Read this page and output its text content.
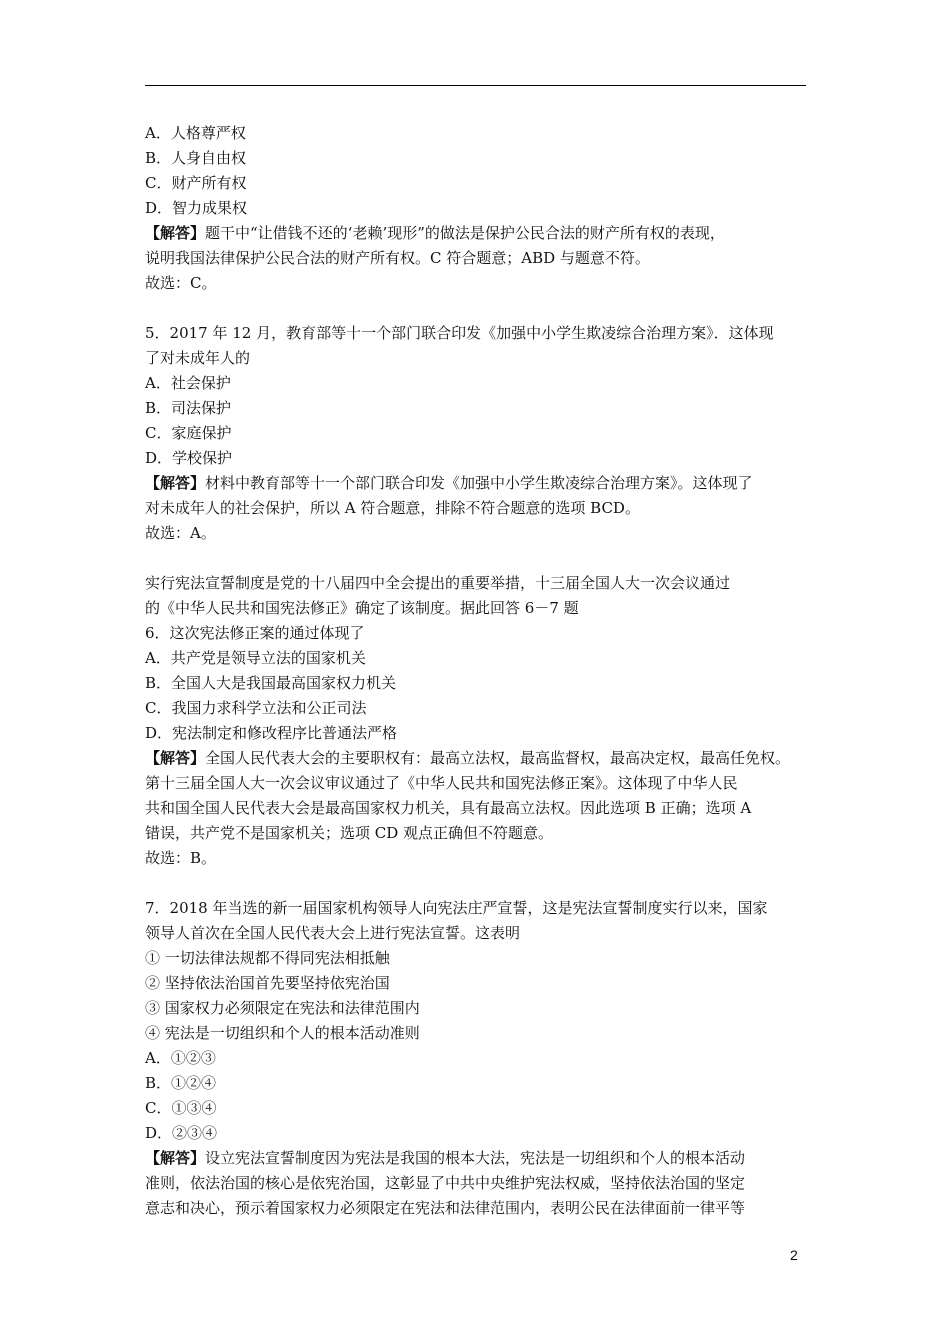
A．人格尊严权
B．人身自由权
C．财产所有权
D．智力成果权
【解答】题干中“让借钱不还的‘老赖’现形”的做法是保护公民合法的财产所有权的表现，
说明我国法律保护公民合法的财产所有权。C 符合题意；ABD 与题意不符。
故选：C。
5．2017 年 12 月，教育部等十一个部门联合印发《加强中小学生欺凌综合治理方案》．这体现
了对未成年人的
A．社会保护
B．司法保护
C．家庭保护
D．学校保护
【解答】材料中教育部等十一个部门联合印发《加强中小学生欺凌综合治理方案》。这体现了
对未成年人的社会保护，所以 A 符合题意，排除不符合题意的选项 BCD。
故选：A。
实行宪法宣誓制度是党的十八届四中全会提出的重要举措，十三届全国人大一次会议通过
的《中华人民共和国宪法修正》确定了该制度。据此回答 6－7 题
6．这次宪法修正案的通过体现了
A．共产党是领导立法的国家机关
B．全国人大是我国最高国家权力机关
C．我国力求科学立法和公正司法
D．宪法制定和修改程序比普通法严格
【解答】全国人民代表大会的主要职权有：最高立法权，最高监督权，最高决定权，最高任免权。
第十三届全国人大一次会议审议通过了《中华人民共和国宪法修正案》。这体现了中华人民
共和国全国人民代表大会是最高国家权力机关，具有最高立法权。因此选项 B 正确；选项 A
错误，共产党不是国家机关；选项 CD 观点正确但不符题意。
故选：B。
7．2018 年当选的新一届国家机构领导人向宪法庄严宣誓，这是宪法宣誓制度实行以来，国家
领导人首次在全国人民代表大会上进行宪法宣誓。这表明
① 一切法律法规都不得同宪法相抵触
② 坚持依法治国首先要坚持依宪治国
③ 国家权力必须限定在宪法和法律范围内
④ 宪法是一切组织和个人的根本活动准则
A．①②③
B．①②④
C．①③④
D．②③④
【解答】设立宪法宣誓制度因为宪法是我国的根本大法，宪法是一切组织和个人的根本活动
准则，依法治国的核心是依宪治国，这彰显了中共中央维护宪法权威，坚持依法治国的坚定
意志和决心，预示着国家权力必须限定在宪法和法律范围内，表明公民在法律面前一律平等
2
